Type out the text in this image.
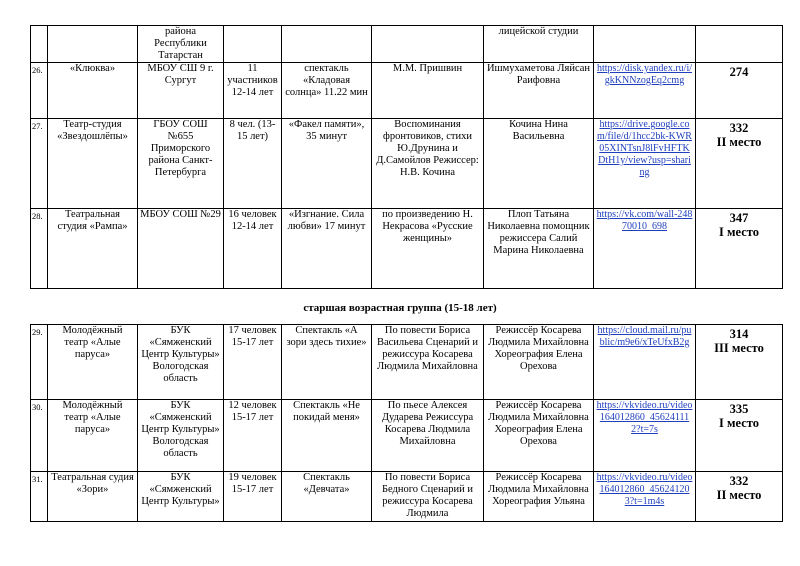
		района Республики Татарстан				лицейской студии		
26.	«Клюква»	МБОУ СШ 9 г. Сургут	11 участников 12-14 лет	спектакль «Кладовая солнца» 11.22 мин	М.М. Пришвин	Ишмухаметова Ляйсан Раифовна	https://disk.yandex.ru/i/gkKNNzogEq2cmg	274

27.	Театр-студия «Звездошлёпы»	ГБОУ СОШ №655 Приморского района Санкт-Петербурга	8 чел. (13-15 лет)	«Факел памяти», 35 минут	Воспоминания фронтовиков, стихи Ю.Друнина и Д.Самойлов Режиссер: Н.В. Кочина	Кочина Нина Васильевна	https://drive.google.com/file/d/1hcc2bk-KWR05XINTsnJ8lFvHFTKDtH1y/view?usp=sharing	332
II место

28.	Театральная студия «Рампа»	МБОУ СОШ №29	16 человек 12-14 лет	«Изгнание. Сила любви» 17 минут	по произведению Н. Некрасова «Русские женщины»	Плоп Татьяна Николаевна помощник режиссера Салий Марина Николаевна	https://vk.com/wall-24870010_698	347
I место
старшая возрастная группа (15-18 лет)
29.	Молодёжный театр «Алые паруса»	БУК «Сямженский Центр Культуры» Вологодская область	17 человек 15-17 лет	Спектакль «А зори здесь тихие»	По повести Бориса Васильева Сценарий и режиссура Косарева Людмила Михайловна	Режиссёр Косарева Людмила Михайловна Хореография Елена Орехова	https://cloud.mail.ru/public/m9e6/xTeUfxB2g	314
III место

30.	Молодёжный театр «Алые паруса»	БУК «Сямженский Центр Культуры» Вологодская область	12 человек 15-17 лет	Спектакль «Не покидай меня»	По пьесе Алексея Дударева Режиссура Косарева Людмила Михайловна	Режиссёр Косарева Людмила Михайловна Хореография Елена Орехова	https://vkvideo.ru/video164012860_456241112?t=7s	335
I место

31.	Театральная судия «Зори»	БУК «Сямженский Центр Культуры»	19 человек 15-17 лет	Спектакль «Девчата»	По повести Бориса Бедного Сценарий и режиссура Косарева Людмила	Режиссёр Косарева Людмила Михайловна Хореография Ульяна	https://vkvideo.ru/video164012860_456241203?t=1m4s	332
II место
